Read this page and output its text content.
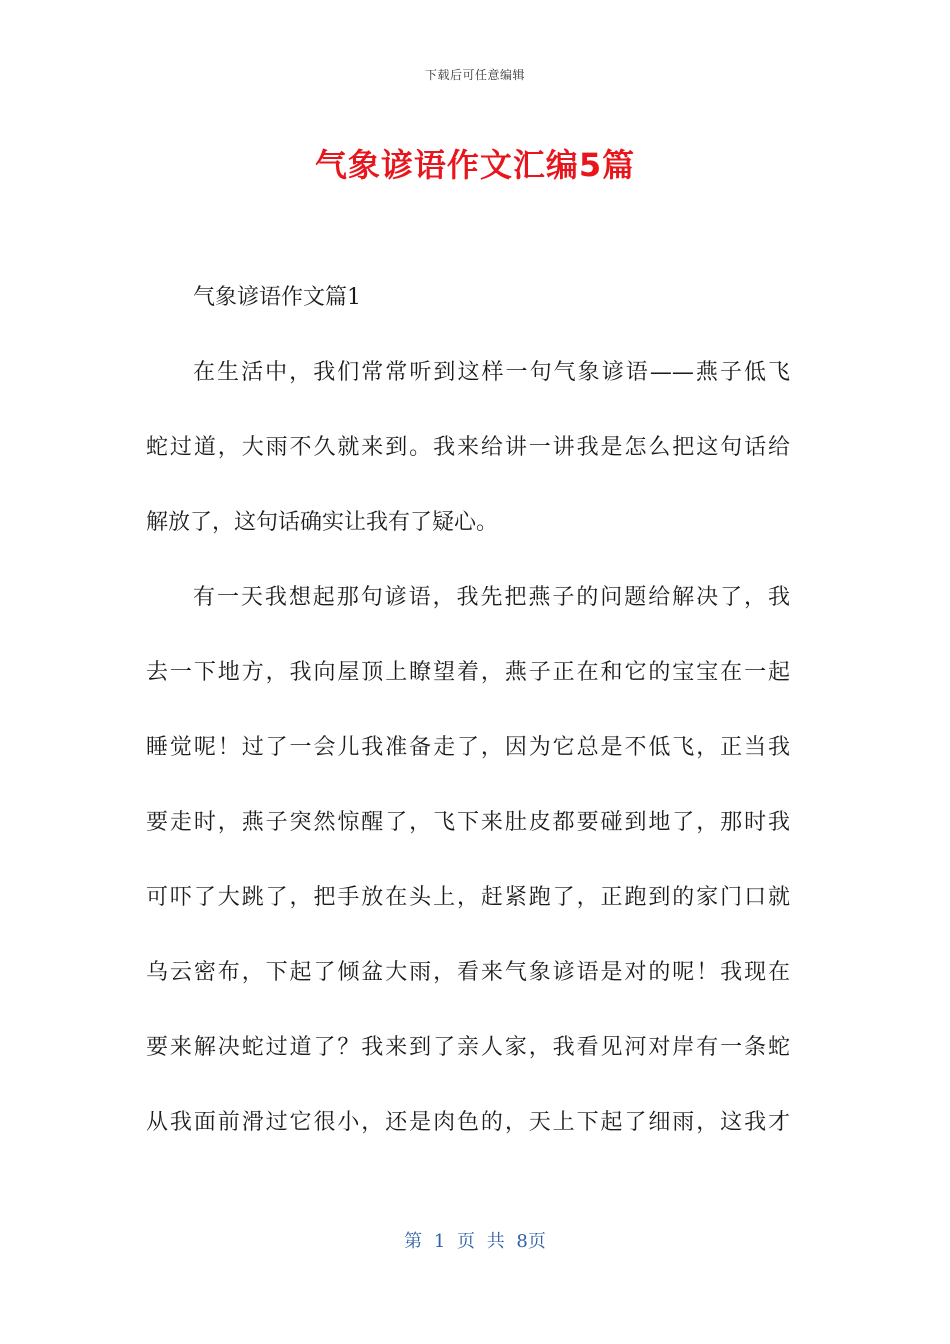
下载后可任意编辑
气象谚语作文汇编5篇
气象谚语作文篇1
在生活中，我们常常听到这样一句气象谚语——燕子低飞
蛇过道，大雨不久就来到。我来给讲一讲我是怎么把这句话给
解放了，这句话确实让我有了疑心。
有一天我想起那句谚语，我先把燕子的问题给解决了，我
去一下地方，我向屋顶上瞭望着，燕子正在和它的宝宝在一起
睡觉呢！过了一会儿我准备走了，因为它总是不低飞，正当我
要走时，燕子突然惊醒了，飞下来肚皮都要碰到地了，那时我
可吓了大跳了，把手放在头上，赶紧跑了，正跑到的家门口就
乌云密布，下起了倾盆大雨，看来气象谚语是对的呢！我现在
要来解决蛇过道了？我来到了亲人家，我看见河对岸有一条蛇
从我面前滑过它很小，还是肉色的，天上下起了细雨，这我才
第 1 页 共 8页
